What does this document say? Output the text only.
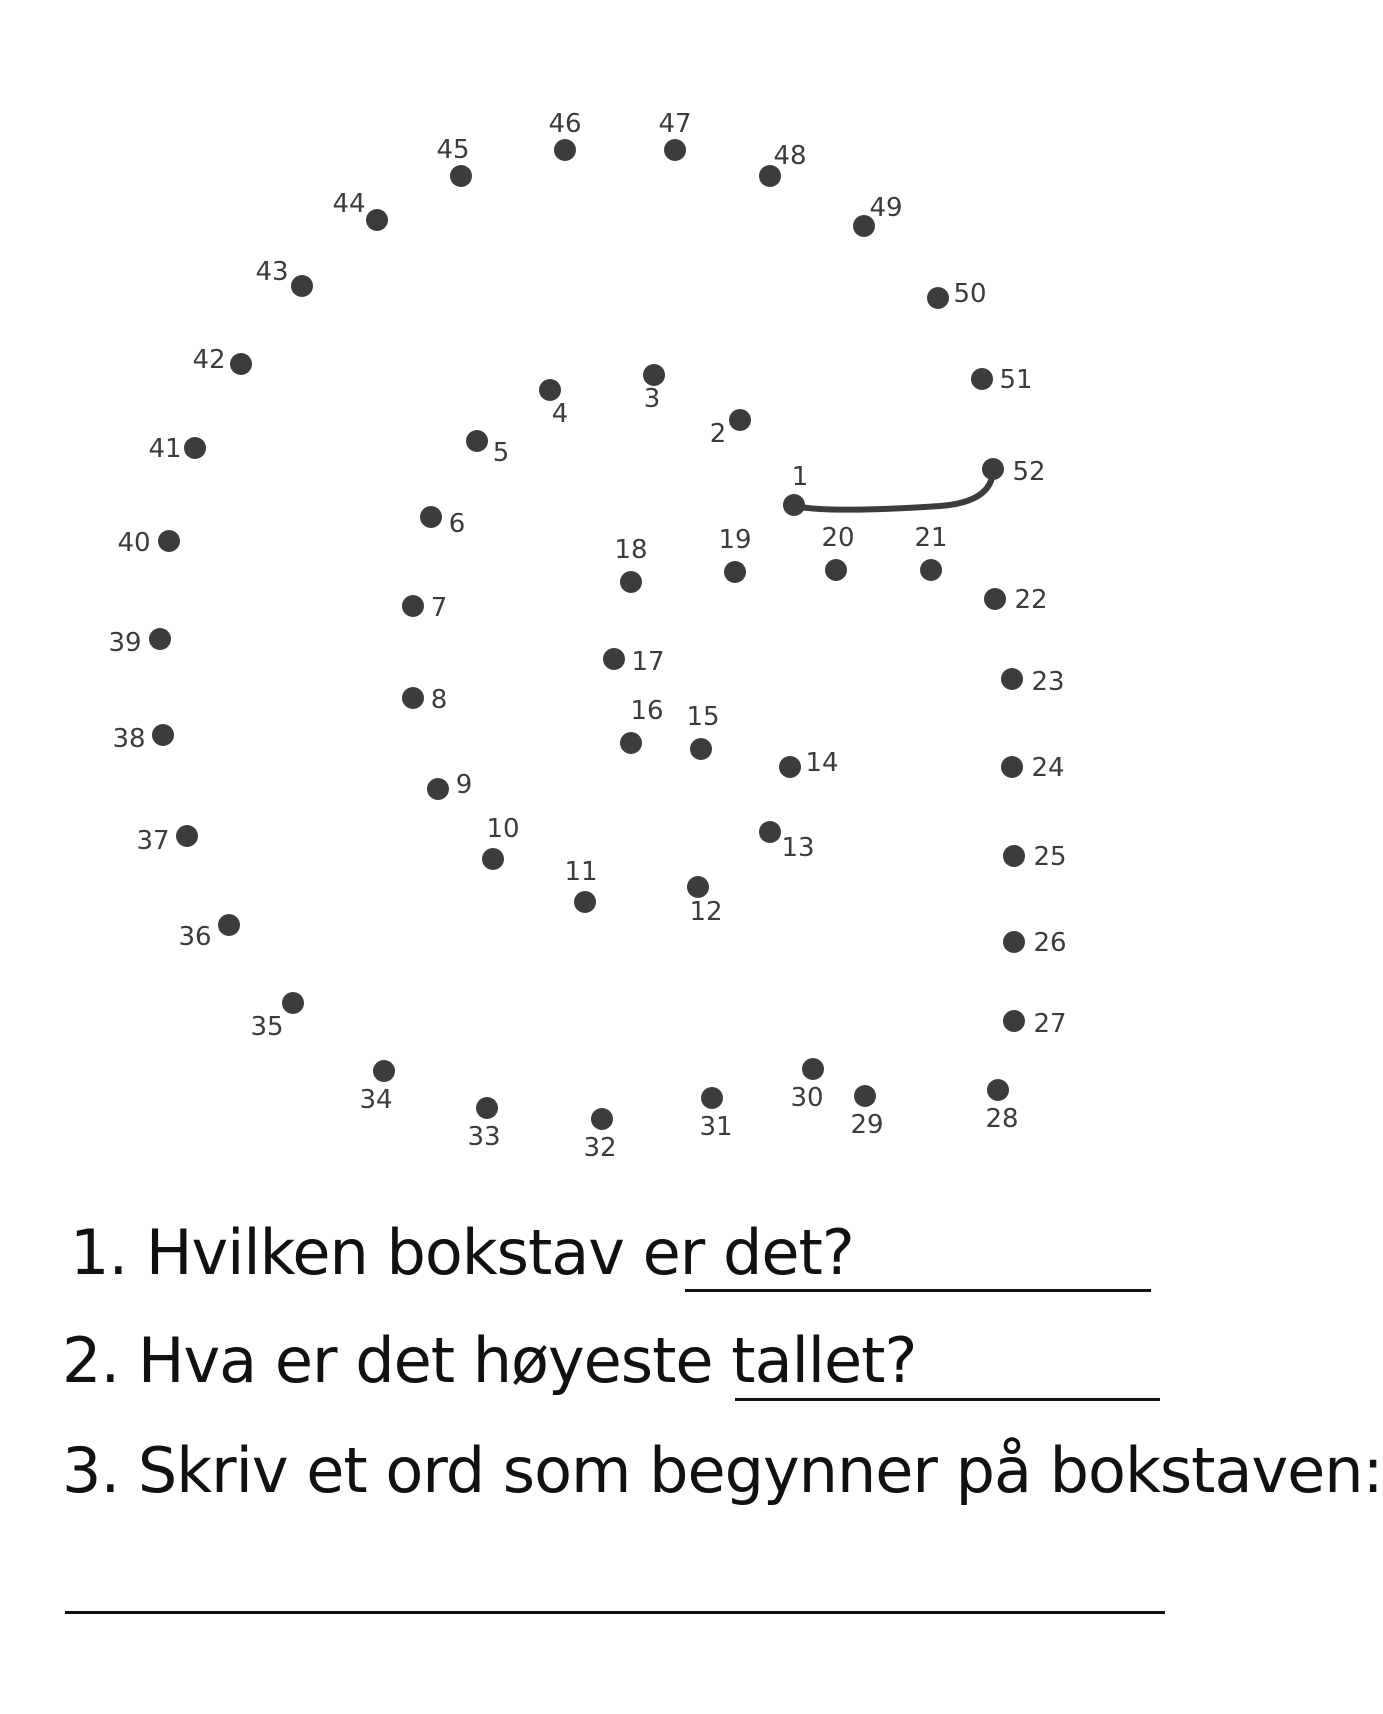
1
2
3
4
5
6
7
8
9
10
11
12
13
14
15
16
17
18	19	20 21
22
23
24
25
26
27
28
29
30
31
32
33
34
35
36
37
38
39
40
41
42
43
44
45
46	47
48
49
50
51
52
1. Hvilken bokstav er det?
2. Hva er det høyeste tallet?
3. Skriv et ord som begynner på bokstaven:
